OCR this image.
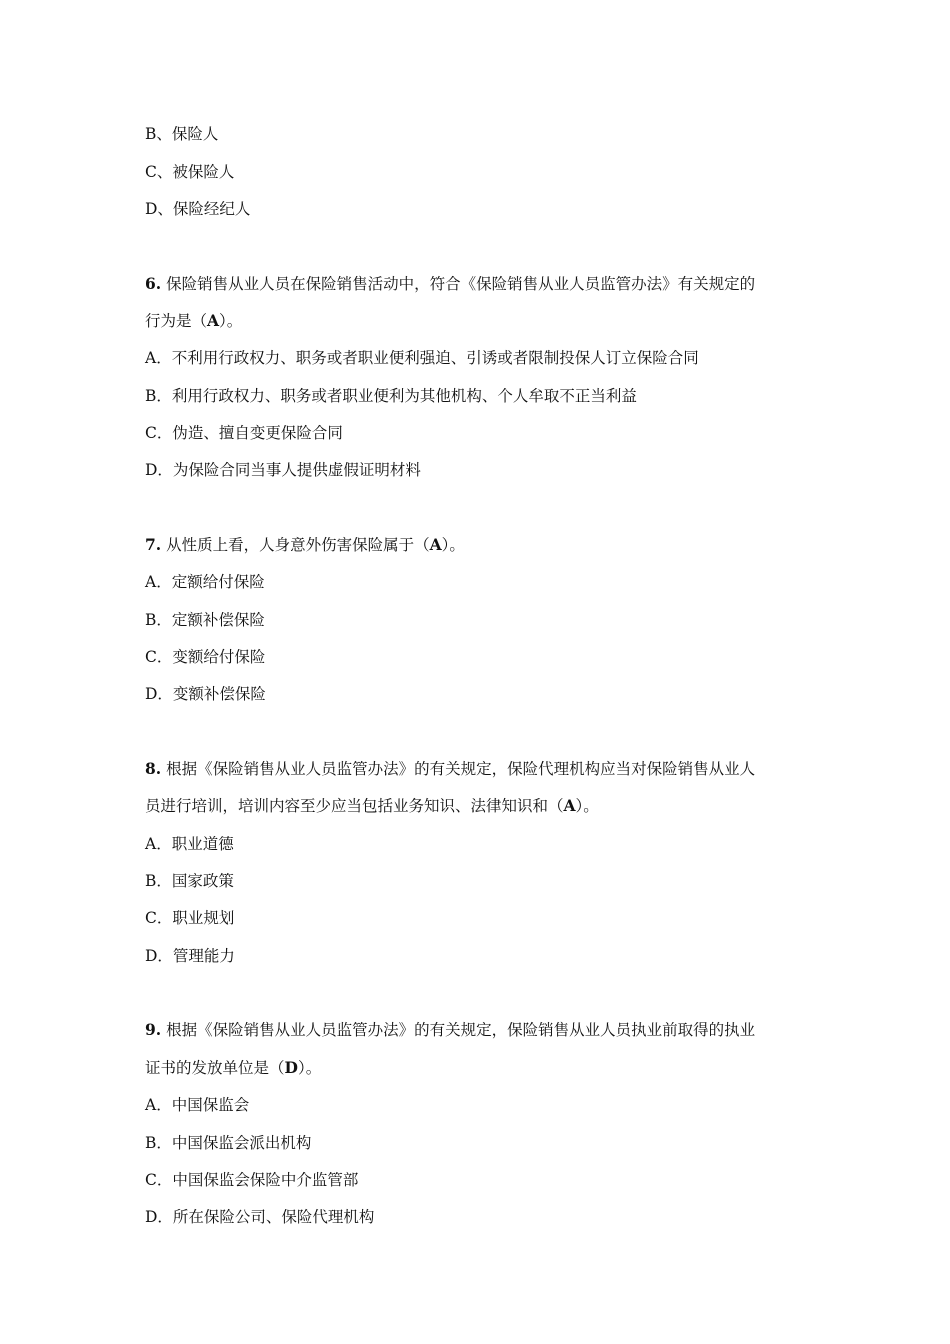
B、保险人
C、被保险人
D、保险经纪人
6. 保险销售从业人员在保险销售活动中，符合《保险销售从业人员监管办法》有关规定的
行为是（A）。
A．不利用行政权力、职务或者职业便利强迫、引诱或者限制投保人订立保险合同
B．利用行政权力、职务或者职业便利为其他机构、个人牟取不正当利益
C．伪造、擅自变更保险合同
D．为保险合同当事人提供虚假证明材料
7. 从性质上看，人身意外伤害保险属于（A）。
A．定额给付保险
B．定额补偿保险
C．变额给付保险
D．变额补偿保险
8. 根据《保险销售从业人员监管办法》的有关规定，保险代理机构应当对保险销售从业人
员进行培训，培训内容至少应当包括业务知识、法律知识和（A）。
A．职业道德
B．国家政策
C．职业规划
D．管理能力
9. 根据《保险销售从业人员监管办法》的有关规定，保险销售从业人员执业前取得的执业
证书的发放单位是（D）。
A．中国保监会
B．中国保监会派出机构
C．中国保监会保险中介监管部
D．所在保险公司、保险代理机构
